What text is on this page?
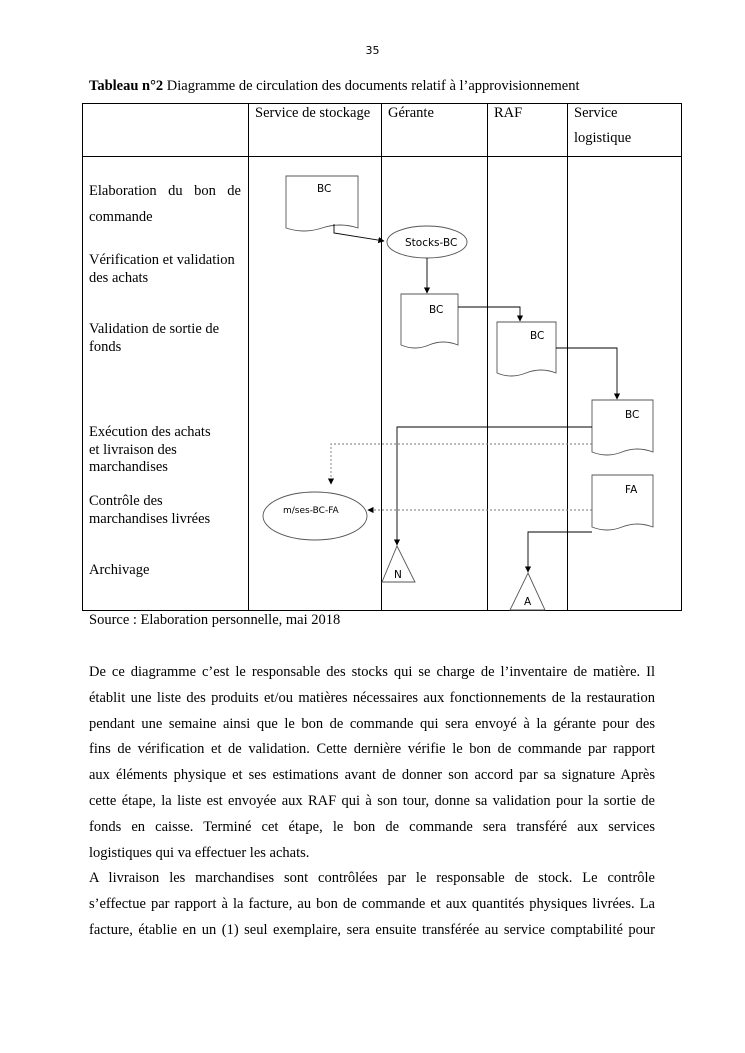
35
Tableau n°2 Diagramme de circulation des documents relatif à l’approvisionnement
Service de stockage Gérante	RAF	Service
logistique
Elaboration du bon de
commande
Vérification et validation
des achats
Validation de sortie de
fonds
Exécution des achats
et livraison des
marchandises
Contrôle des
marchandises livrées
Archivage
BC
Stocks-BC
BC
BC
BC
FA
m/ses-BC-FA
N
A
Source : Elaboration personnelle, mai 2018
De ce diagramme c’est le responsable des stocks qui se charge de l’inventaire de matière. Il
établit une liste des produits et/ou matières nécessaires aux fonctionnements de la restauration
pendant une semaine ainsi que le bon de commande qui sera envoyé à la gérante pour des
fins de vérification et de validation. Cette dernière vérifie le bon de commande par rapport
aux éléments physique et ses estimations avant de donner son accord par sa signature Après
cette étape, la liste est envoyée aux RAF qui à son tour, donne sa validation pour la sortie de
fonds en caisse. Terminé cet étape, le bon de commande sera transféré aux services
logistiques qui va effectuer les achats.
A livraison les marchandises sont contrôlées par le responsable de stock. Le contrôle
s’effectue par rapport à la facture, au bon de commande et aux quantités physiques livrées. La
facture, établie en un (1) seul exemplaire, sera ensuite transférée au service comptabilité pour
